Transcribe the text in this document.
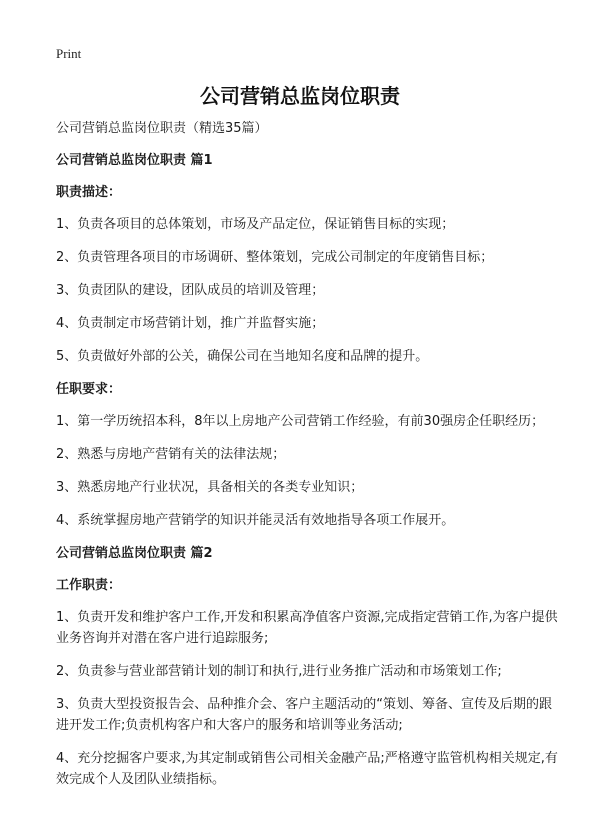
Print
公司营销总监岗位职责

公司营销总监岗位职责（精选35篇）

公司营销总监岗位职责 篇1

职责描述：

1、负责各项目的总体策划，市场及产品定位，保证销售目标的实现；

2、负责管理各项目的市场调研、整体策划，完成公司制定的年度销售目标；

3、负责团队的建设，团队成员的培训及管理；

4、负责制定市场营销计划，推广并监督实施；

5、负责做好外部的公关，确保公司在当地知名度和品牌的提升。

任职要求：

1、第一学历统招本科，8年以上房地产公司营销工作经验，有前30强房企任职经历；

2、熟悉与房地产营销有关的法律法规；

3、熟悉房地产行业状况，具备相关的各类专业知识；

4、系统掌握房地产营销学的知识并能灵活有效地指导各项工作展开。

公司营销总监岗位职责 篇2

工作职责：

1、负责开发和维护客户工作,开发和积累高净值客户资源,完成指定营销工作,为客户提供业务咨询并对潜在客户进行追踪服务;

2、负责参与营业部营销计划的制订和执行,进行业务推广活动和市场策划工作;

3、负责大型投资报告会、品种推介会、客户主题活动的“策划、筹备、宣传及后期的跟进开发工作;负责机构客户和大客户的服务和培训等业务活动;

4、充分挖掘客户要求,为其定制或销售公司相关金融产品;严格遵守监管机构相关规定,有效完成个人及团队业绩指标。
